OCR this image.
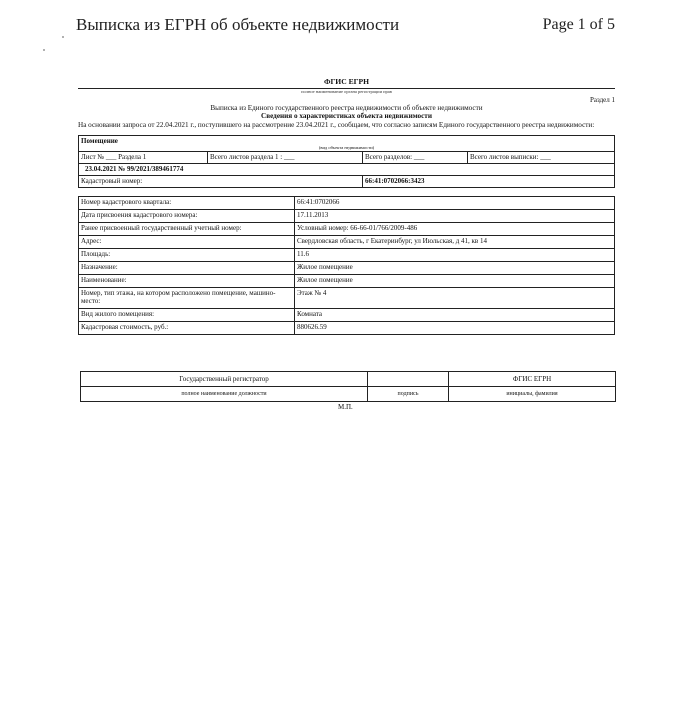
Выписка из ЕГРН об объекте недвижимости	Page 1 of 5
ФГИС ЕГРН
полное наименование органа регистрации прав
Раздел 1
Выписка из Единого государственного реестра недвижимости об объекте недвижимости
Сведения о характеристиках объекта недвижимости
На основании запроса от 22.04.2021 г., поступившего на рассмотрение 23.04.2021 г., сообщаем, что согласно записям Единого государственного реестра недвижимости:
Помещение
(вид объекта недвижимости)			

Лист № ___ Раздела 1	Всего листов раздела 1 : ___	Всего разделов: ___	Всего листов выписки: ___
23.04.2021 № 99/2021/389461774			
Кадастровый номер:		66:41:0702066:3423	
Номер кадастрового квартала:	66:41:0702066
Дата присвоения кадастрового номера:	17.11.2013
Ранее присвоенный государственный учетный номер:	Условный номер: 66-66-01/766/2009-486
Адрес:	Свердловская область, г Екатеринбург, ул Июльская, д 41, кв 14
Площадь:	11.6
Назначение:	Жилое помещение
Наименование:	Жилое помещение
Номер, тип этажа, на котором расположено помещение, машино-место:	Этаж № 4
Вид жилого помещения:	Комната
Кадастровая стоимость, руб.:	880626.59
Государственный регистратор		ФГИС ЕГРН
полное наименование должности	подпись	инициалы, фамилия
М.П.
